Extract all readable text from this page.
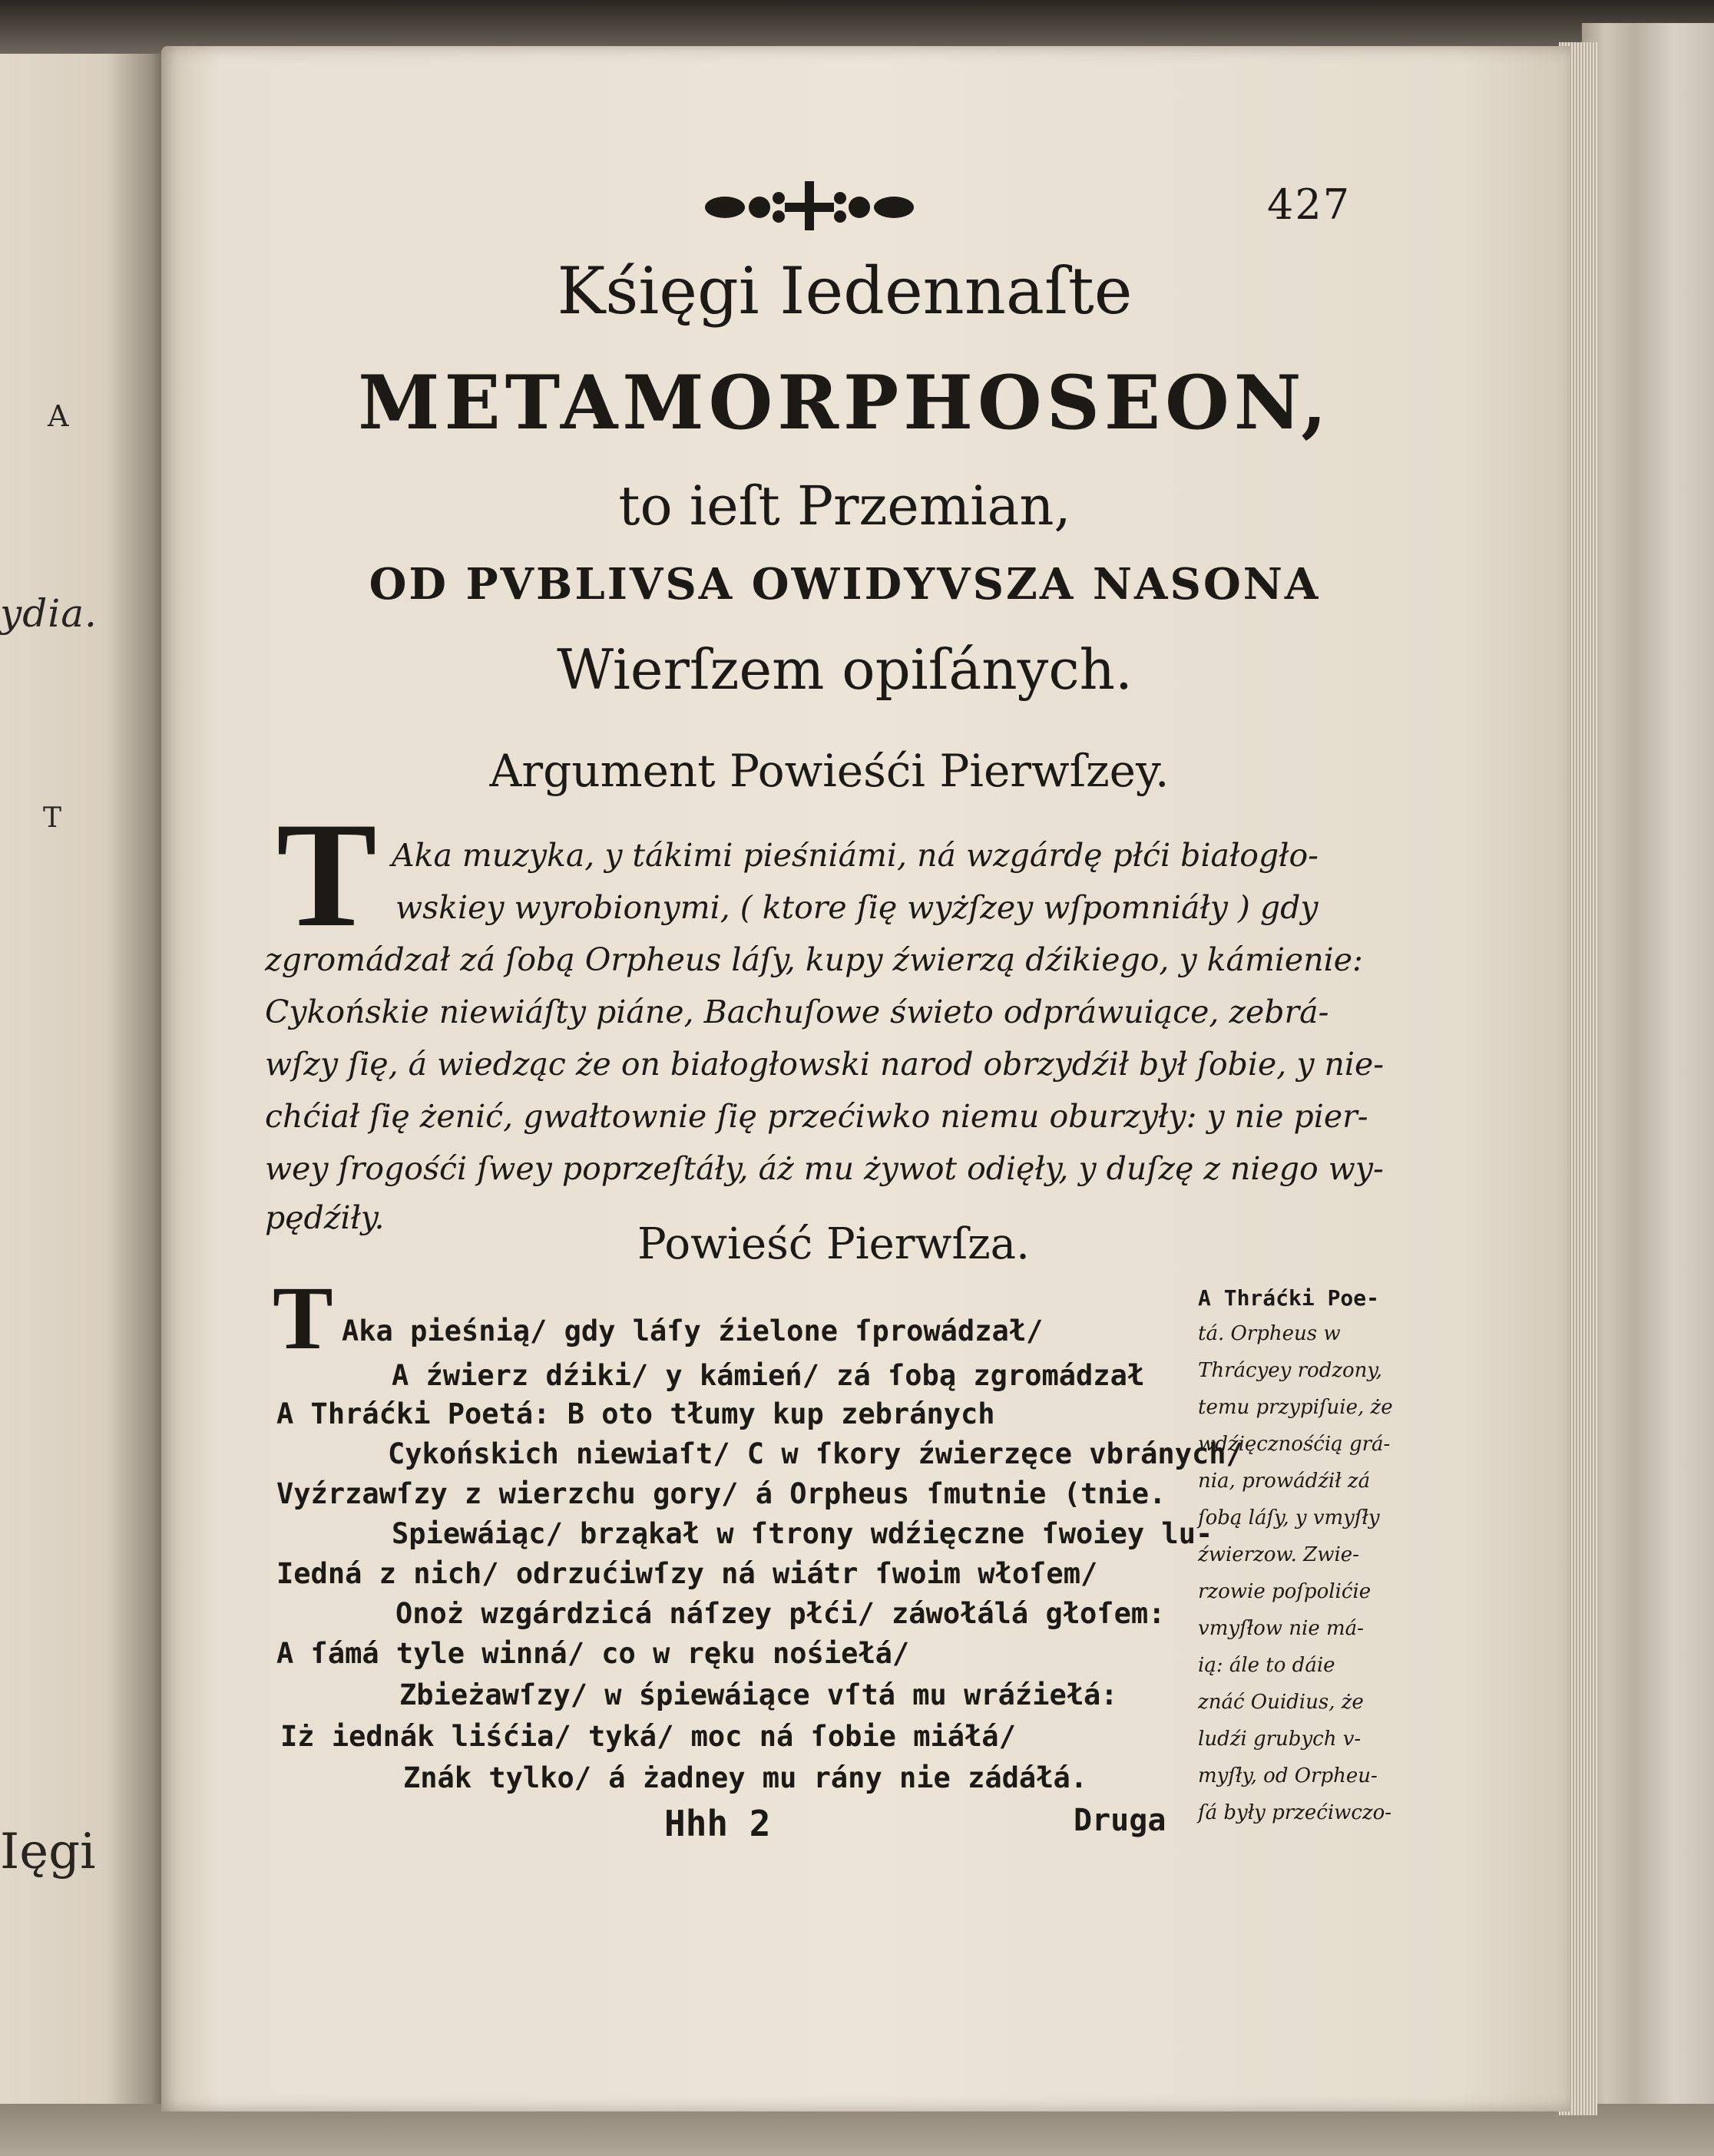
A
ydia.
Ięgi
T
427
Kśięgi Iedennaſte
METAMORPHOSEON,
to ieſt Przemian,
OD PVBLIVSA OWIDYVSZA NASONA
Wierſzem opiſánych.
Argument Powieśći Pierwſzey.
T Aka muzyka, y tákimi pieśniámi, ná wzgárdę płći białogło-
wskiey wyrobionymi, ( ktore ſię wyżſzey wſpomniáły ) gdy
zgromádzał zá ſobą Orpheus láſy, kupy źwierzą dźikiego, y kámienie:
Cykońskie niewiáſty piáne, Bachuſowe świeto odpráwuiące, zebrá-
wſzy ſię, á wiedząc że on białogłowski narod obrzydźił był ſobie, y nie-
chćiał ſię żenić, gwałtownie ſię przećiwko niemu oburzyły: y nie pier-
wey ſrogośći ſwey poprzeſtáły, áż mu żywot odięły, y duſzę z niego wy-
pędźiły.
Powieść Pierwſza.
T Aka pieśnią/ gdy láſy źielone ſprowádzał/
A źwierz dźiki/ y kámień/ zá ſobą zgromádzał
A Thráćki Poetá: B oto tłumy kup zebránych
Cykońskich niewiaſt/ C w ſkory źwierzęce vbránych/
Vyźrzawſzy z wierzchu gory/ á Orpheus ſmutnie (tnie.
Spiewáiąc/ brząkał w ſtrony wdźięczne ſwoiey lu-
Iedná z nich/ odrzućiwſzy ná wiátr ſwoim włoſem/
Onoż wzgárdzicá náſzey płći/ záwołálá głoſem:
A ſámá tyle winná/ co w ręku nośiełá/
Zbieżawſzy/ w śpiewáiące vſtá mu wráźiełá:
Iż iednák liśćia/ tyká/ moc ná ſobie miáłá/
Znák tylko/ á żadney mu rány nie zádáłá.
A Thráćki Poe-
tá. Orpheus w
Thrácyey rodzony,
temu przypiſuie, że
wdźięcznośćią grá-
nia, prowádźił zá
ſobą láſy, y vmyſły
źwierzow. Zwie-
rzowie poſpolićie
vmyſłow nie má-
ią: ále to dáie
znáć Ouidius, że
ludźi grubych v-
myſły, od Orpheu-
ſá były przećiwczo-
Hhh 2	Druga
